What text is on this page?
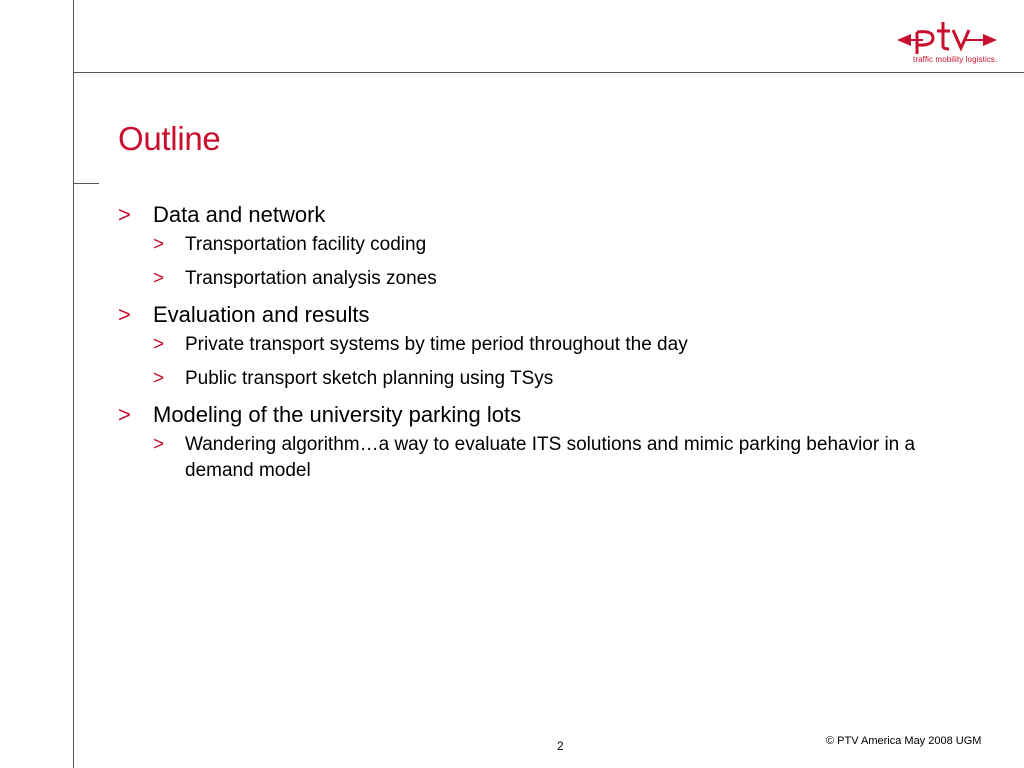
traffic mobility logistics.
Outline
> Data and network
> Transportation facility coding
> Transportation analysis zones
> Evaluation and results
> Private transport systems by time period throughout the day
> Public transport sketch planning using TSys
> Modeling of the university parking lots
> Wandering algorithm…a way to evaluate ITS solutions and mimic parking behavior in a demand model
2	© PTV America May 2008 UGM
